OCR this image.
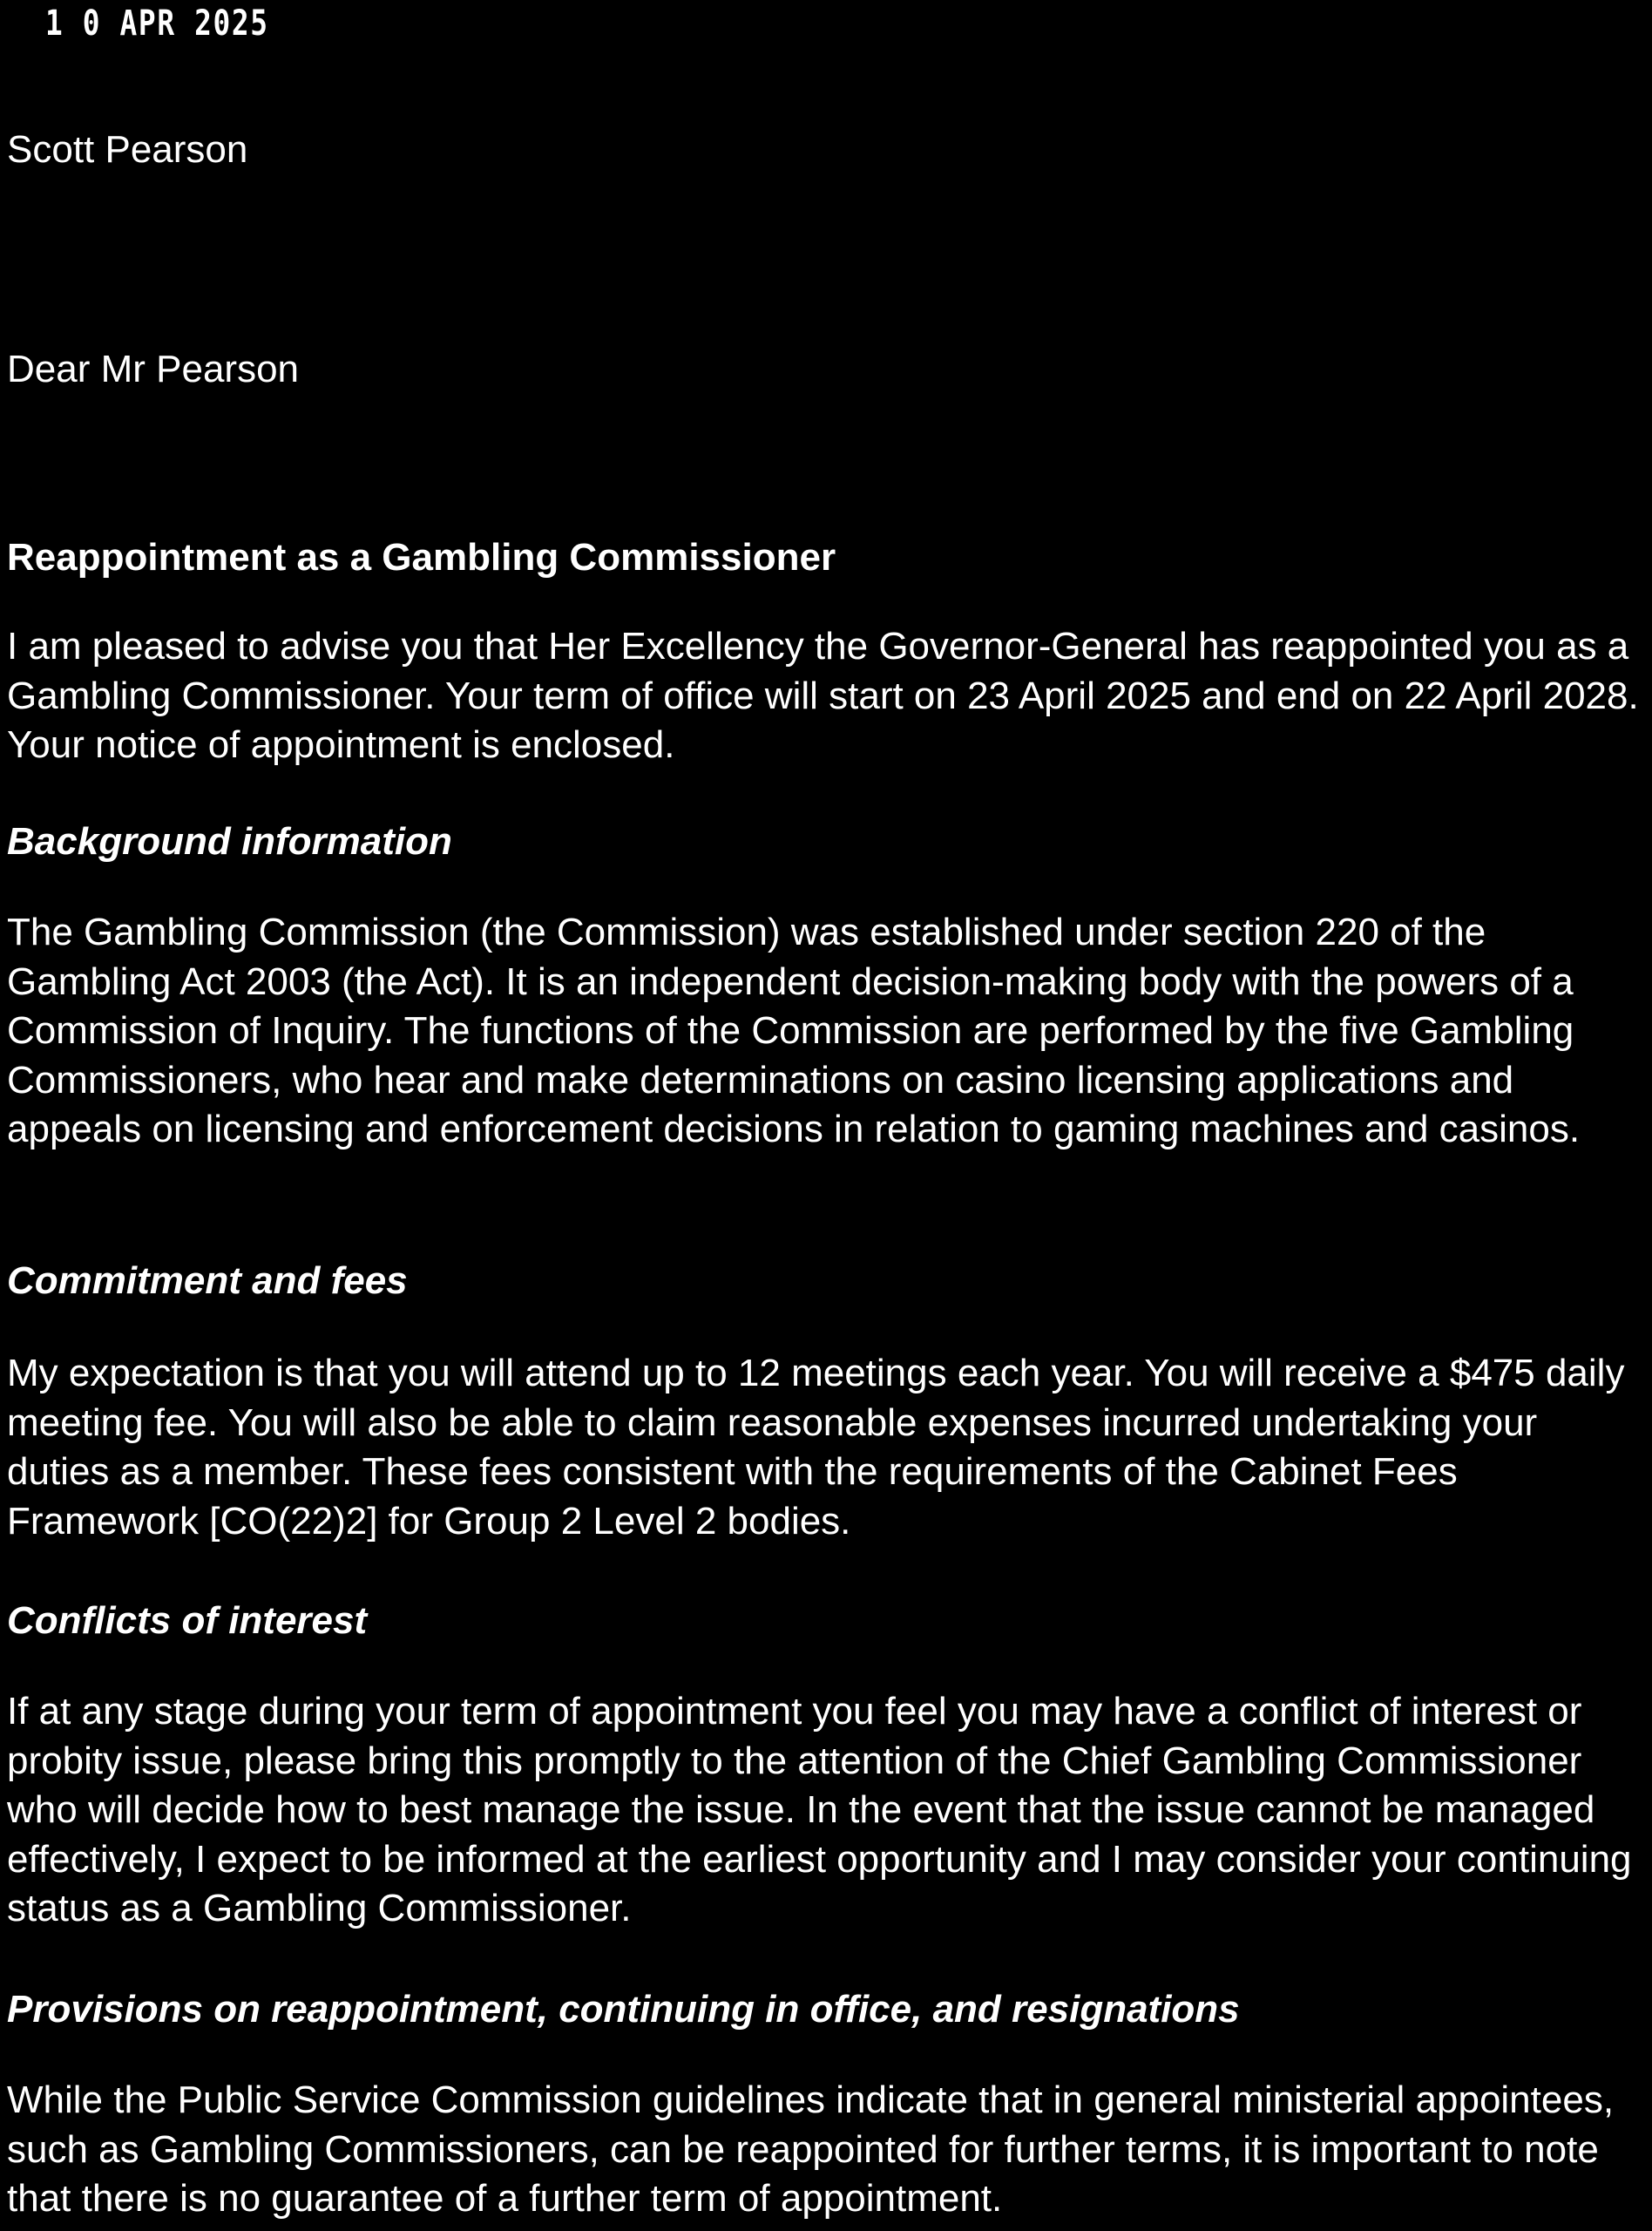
1 0 APR 2025
Scott Pearson
Dear Mr Pearson
Reappointment as a Gambling Commissioner
I am pleased to advise you that Her Excellency the Governor-General has reappointed you as a Gambling Commissioner. Your term of office will start on 23 April 2025 and end on 22 April 2028. Your notice of appointment is enclosed.
Background information
The Gambling Commission (the Commission) was established under section 220 of the Gambling Act 2003 (the Act). It is an independent decision-making body with the powers of a Commission of Inquiry. The functions of the Commission are performed by the five Gambling Commissioners, who hear and make determinations on casino licensing applications and appeals on licensing and enforcement decisions in relation to gaming machines and casinos.
Commitment and fees
My expectation is that you will attend up to 12 meetings each year. You will receive a $475 daily meeting fee. You will also be able to claim reasonable expenses incurred undertaking your duties as a member. These fees consistent with the requirements of the Cabinet Fees Framework [CO(22)2] for Group 2 Level 2 bodies.
Conflicts of interest
If at any stage during your term of appointment you feel you may have a conflict of interest or probity issue, please bring this promptly to the attention of the Chief Gambling Commissioner who will decide how to best manage the issue. In the event that the issue cannot be managed effectively, I expect to be informed at the earliest opportunity and I may consider your continuing status as a Gambling Commissioner.
Provisions on reappointment, continuing in office, and resignations
While the Public Service Commission guidelines indicate that in general ministerial appointees, such as Gambling Commissioners, can be reappointed for further terms, it is important to note that there is no guarantee of a further term of appointment.
